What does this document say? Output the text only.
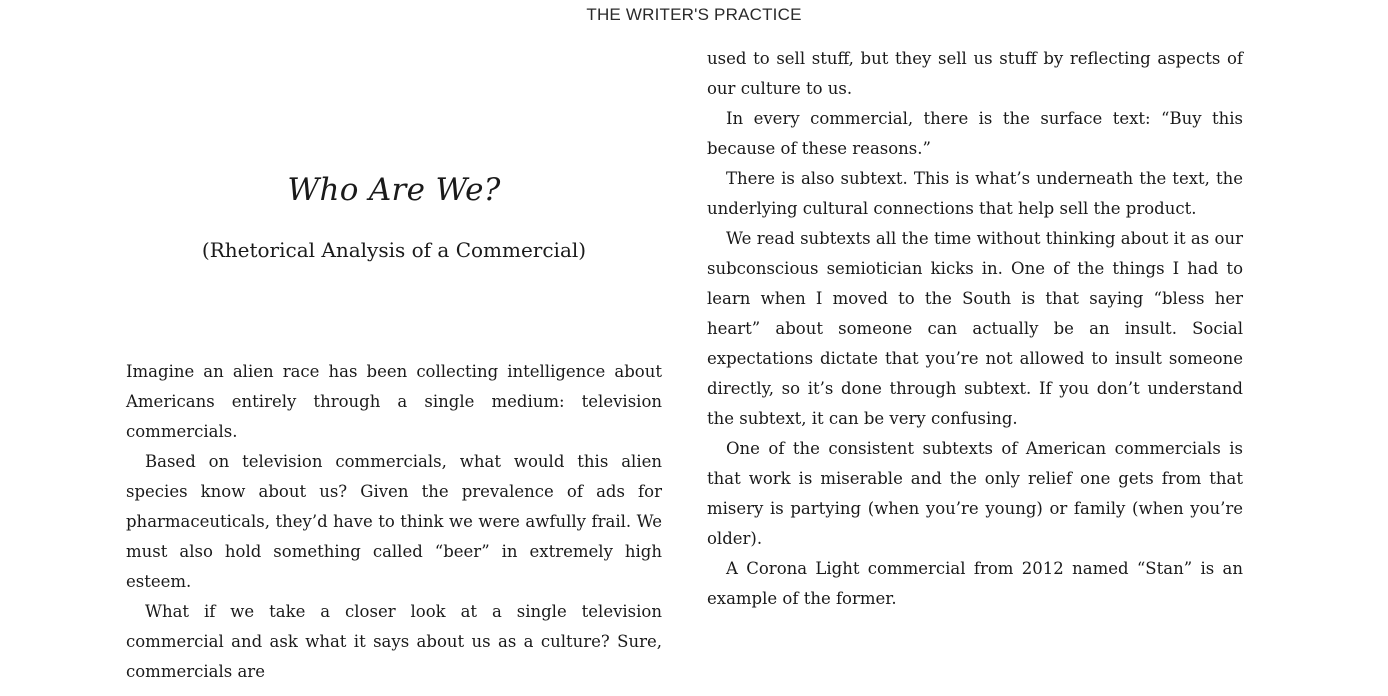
THE WRITER'S PRACTICE
Who Are We?
(Rhetorical Analysis of a Commercial)

Imagine an alien race has been collecting intelligence about Americans entirely through a single medium: television commercials.

Based on television commercials, what would this alien species know about us? Given the prevalence of ads for pharmaceuticals, they’d have to think we were awfully frail. We must also hold something called “beer” in extremely high esteem.

What if we take a closer look at a single television commercial and ask what it says about us as a culture? Sure, commercials are

used to sell stuff, but they sell us stuff by reflecting aspects of our culture to us.

In every commercial, there is the surface text: “Buy this because of these reasons.”

There is also subtext. This is what’s underneath the text, the underlying cultural connections that help sell the product.

We read subtexts all the time without thinking about it as our subconscious semiotician kicks in. One of the things I had to learn when I moved to the South is that saying “bless her heart” about someone can actually be an insult. Social expectations dictate that you’re not allowed to insult someone directly, so it’s done through subtext. If you don’t understand the subtext, it can be very confusing.

One of the consistent subtexts of American commercials is that work is miserable and the only relief one gets from that misery is partying (when you’re young) or family (when you’re older).

A Corona Light commercial from 2012 named “Stan” is an example of the former.
